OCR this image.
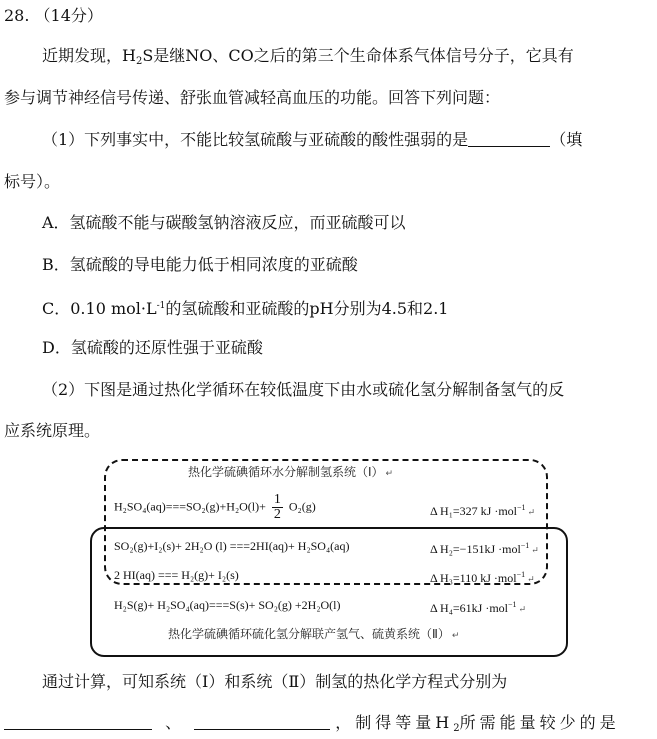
28. （14分）
近期发现，$H_2S$是继NO、CO之后的第三个生命体系气体信号分子，它具有
参与调节神经信号传递、舒张血管减轻高血压的功能。回答下列问题：
（1）下列事实中，不能比较氢硫酸与亚硫酸的酸性强弱的是	（填
标号）。
A．氢硫酸不能与碳酸氢钠溶液反应，而亚硫酸可以
B．氢硫酸的导电能力低于相同浓度的亚硫酸
C．0.10 $mol\cdot L^{-1}$的氢硫酸和亚硫酸的pH分别为4.5和2.1
D．氢硫酸的还原性强于亚硫酸
（2）下图是通过热化学循环在较低温度下由水或硫化氢分解制备氢气的反
应系统原理。
热化学硫碘循环水分解制氢系统（Ⅰ） ↵
$H_2SO_4(aq)===SO_2(g)+H_2O(l)+ \frac{1}{2} O_2(g)$	Δ H₁=327 kJ ·mol$^{-1}$ ↵
SO₂(g)+I₂(s)+ 2H₂O (l) ===2HI(aq)+ H₂SO₄(aq)	Δ H₂=−151kJ ·mol$^{-1}$ ↵
2 HI(aq) === H₂(g)+ I₂(s)	Δ H₃=110 kJ ·mol$^{-1}$ ↵
H₂S(g)+ H₂SO₄(aq)===S(s)+ SO₂(g) +2H₂O(l)	Δ H₄=61kJ ·mol$^{-1}$ ↵
热化学硫碘循环硫化氢分解联产氢气、硫黄系统（Ⅱ） ↵
通过计算，可知系统（Ⅰ）和系统（Ⅱ）制氢的热化学方程式分别为
、	，制得等量$H_2$所需能量较少的是
